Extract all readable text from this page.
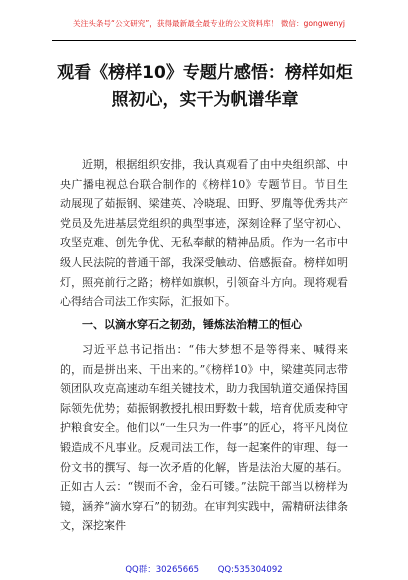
关注头条号“公文研究”，获得最新最全最专业的公文资料库！ 微信：gongwenyj
观看《榜样10》专题片感悟：榜样如炬
照初心，实干为帆谱华章

近期，根据组织安排，我认真观看了由中央组织部、中央广播电视总台联合制作的《榜样10》专题节目。节目生动展现了茹振钢、梁建英、冷晓琨、田野、罗胤等优秀共产党员及先进基层党组织的典型事迹，深刻诠释了坚守初心、攻坚克难、创先争优、无私奉献的精神品质。作为一名市中级人民法院的普通干部，我深受触动、倍感振奋。榜样如明灯，照亮前行之路；榜样如旗帜，引领奋斗方向。现将观看心得结合司法工作实际，汇报如下。

一、以滴水穿石之韧劲，锤炼法治精工的恒心

习近平总书记指出：“伟大梦想不是等得来、喊得来的，而是拼出来、干出来的。”《榜样10》中，梁建英同志带领团队攻克高速动车组关键技术，助力我国轨道交通保持国际领先优势；茹振钢教授扎根田野数十载，培育优质麦种守护粮食安全。他们以“一生只为一件事”的匠心，将平凡岗位锻造成不凡事业。反观司法工作，每一起案件的审理、每一份文书的撰写、每一次矛盾的化解，皆是法治大厦的基石。正如古人云：“锲而不舍，金石可镂。”法院干部当以榜样为镜，涵养“滴水穿石”的韧劲。在审判实践中，需精研法律条文，深挖案件

QQ群：30265665 QQ:535304092
